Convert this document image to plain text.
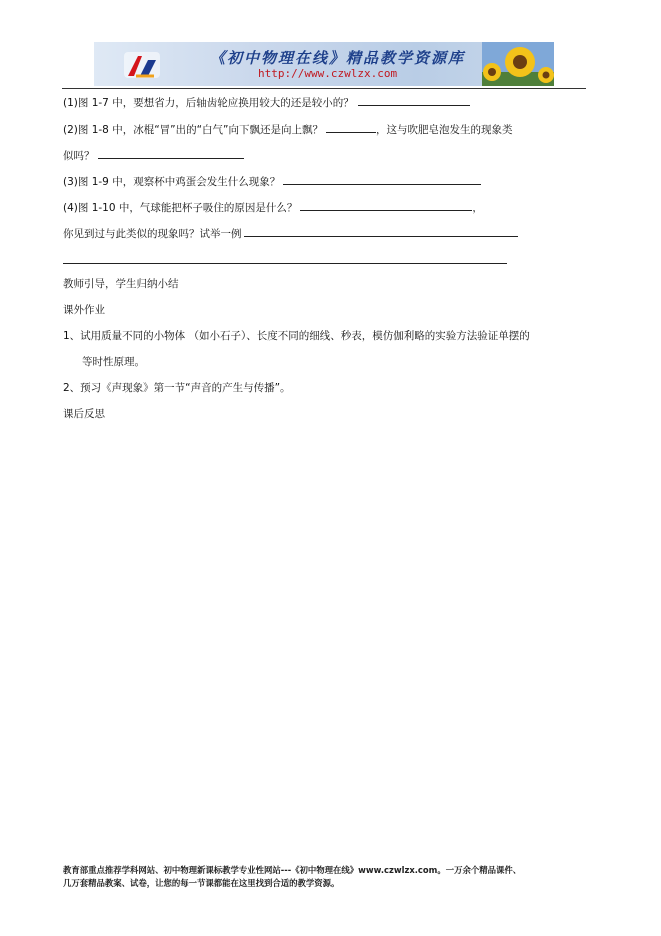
《初中物理在线》精品教学资源库
http://www.czwlzx.com
(1)图 1-7 中，要想省力，后轴齿轮应换用较大的还是较小的？
(2)图 1-8 中，冰棍“冒”出的“白气”向下飘还是向上飘？	，这与吹肥皂泡发生的现象类
似吗？
(3)图 1-9 中，观察杯中鸡蛋会发生什么现象？
(4)图 1-10 中，气球能把杯子吸住的原因是什么？	，
你见到过与此类似的现象吗？试举一例
教师引导，学生归纳小结
课外作业
1、试用质量不同的小物体 （如小石子）、长度不同的细线、秒表，模仿伽利略的实验方法验证单摆的
等时性原理。
2、预习《声现象》第一节“声音的产生与传播”。
课后反思
教育部重点推荐学科网站、初中物理新课标教学专业性网站---《初中物理在线》www.czwlzx.com。一万余个精品课件、
几万套精品教案、试卷，让您的每一节课都能在这里找到合适的教学资源。
